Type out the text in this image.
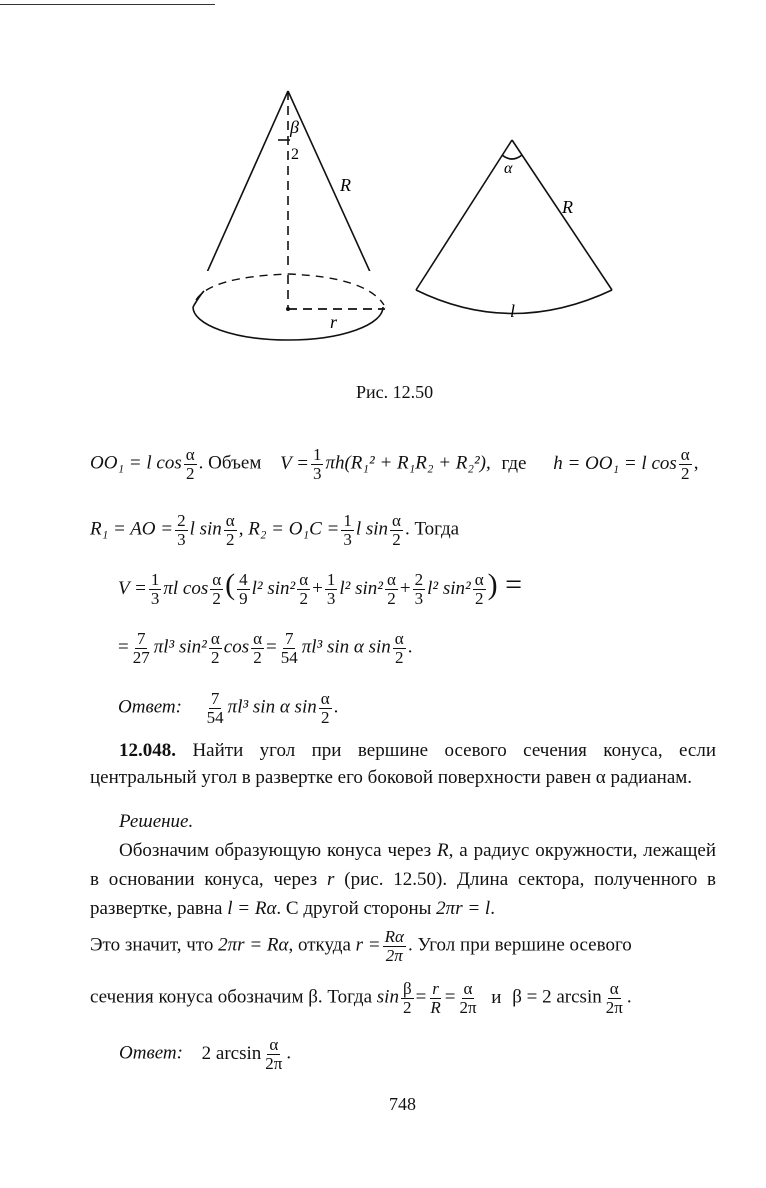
β
2
R
r
α
R
l
Рис. 12.50
OO₁ = l $\cos \frac{\alpha}{2}$ . Объем $V = \frac{1}{3} \pi h(R_1^2 + R_1R_2 + R_2^2)$, где h = OO₁ = l $\cos \frac{\alpha}{2}$ ,
R₁ = AO = $\frac{2}{3}$ l $\sin \frac{\alpha}{2}$ , $R_2 = O_1C = \frac{1}{3}$ l $\sin \frac{\alpha}{2}$ . Тогда
$V = \frac{1}{3}$ πl $\cos \frac{\alpha}{2}$ ( $\frac{4}{9} l^2$ $\sin^2 \frac{\alpha}{2} + \frac{1}{3} l^2$ $\sin^2 \frac{\alpha}{2} + \frac{2}{3} l^2$ $\sin^2 \frac{\alpha}{2}$ ) =
= $\frac{7}{27} \pi l^3$ $\sin^2 \frac{\alpha}{2}$ $\cos \frac{\alpha}{2} = \frac{7}{54} \pi l^3$ sin α $\sin \frac{\alpha}{2}$ .
Ответ: $\frac{7}{54} \pi l^3$ sin α $\sin \frac{\alpha}{2}$ .
12.048. Найти угол при вершине осевого сечения конуса, если центральный угол в развертке его боковой поверхности равен α радианам.
Решение.
Обозначим образующую конуса через R, а радиус окружности, лежащей в основании конуса, через r (рис. 12.50). Длина сектора, полученного в развертке, равна l = Rα. С другой стороны 2πr = l.
Это значит, что 2πr = Rα, откуда $r = \frac{R\alpha}{2\pi}$ . Угол при вершине осевого
сечения конуса обозначим β. Тогда $\sin \frac{\beta}{2} = \frac{r}{R} = \frac{\alpha}{2\pi}$ и β = 2 $\arcsin \frac{\alpha}{2\pi}$ .
Ответ: 2 $\arcsin \frac{\alpha}{2\pi}$ .
748
